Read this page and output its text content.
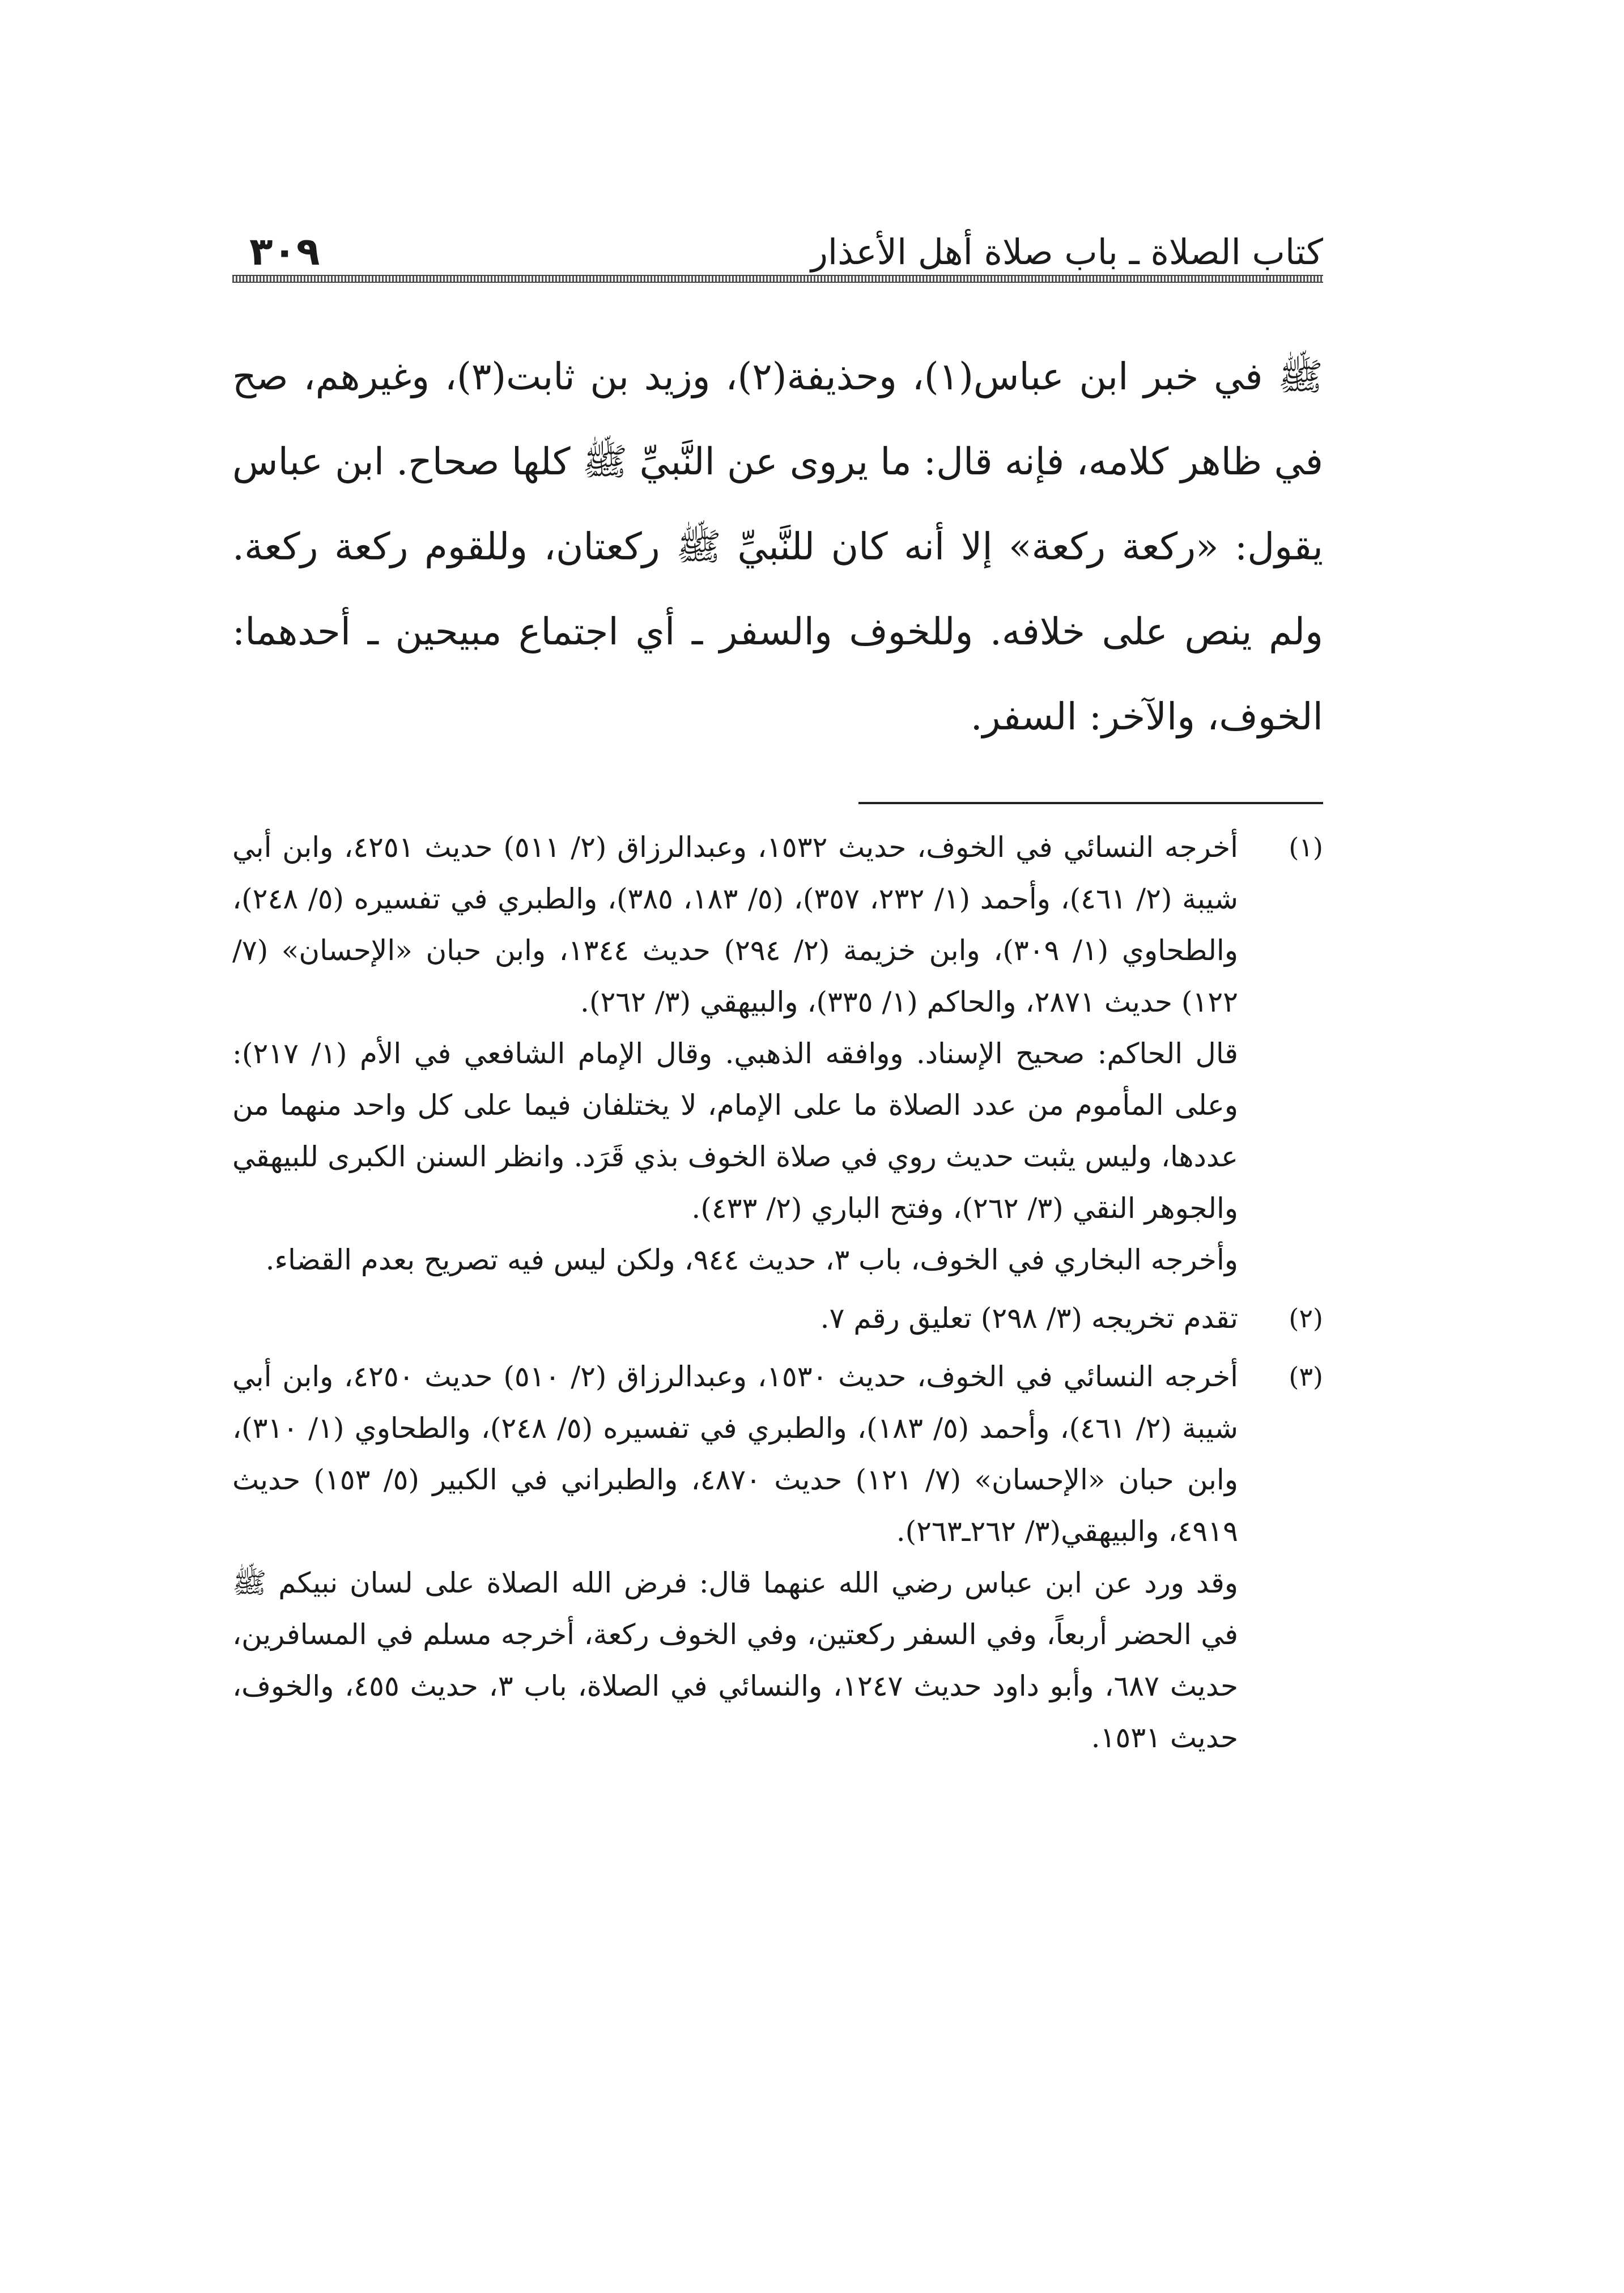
كتاب الصلاة ـ باب صلاة أهل الأعذار
٣٠٩

ﷺ في خبر ابن عباس(١)، وحذيفة(٢)، وزيد بن ثابت(٣)، وغيرهم، صح في ظاهر كلامه، فإنه قال: ما يروى عن النَّبيِّ ﷺ كلها صحاح. ابن عباس يقول: «ركعة ركعة» إلا أنه كان للنَّبيِّ ﷺ ركعتان، وللقوم ركعة ركعة. ولم ينص على خلافه. وللخوف والسفر ـ أي اجتماع مبيحين ـ أحدهما: الخوف، والآخر: السفر.

(١)

أخرجه النسائي في الخوف، حديث ١٥٣٢، وعبدالرزاق (٢/ ٥١١) حديث ٤٢٥١، وابن أبي شيبة (٢/ ٤٦١)، وأحمد (١/ ٢٣٢، ٣٥٧)، (٥/ ١٨٣، ٣٨٥)، والطبري في تفسيره (٥/ ٢٤٨)، والطحاوي (١/ ٣٠٩)، وابن خزيمة (٢/ ٢٩٤) حديث ١٣٤٤، وابن حبان «الإحسان» (٧/ ١٢٢) حديث ٢٨٧١، والحاكم (١/ ٣٣٥)، والبيهقي (٣/ ٢٦٢).

قال الحاكم: صحيح الإسناد. ووافقه الذهبي. وقال الإمام الشافعي في الأم (١/ ٢١٧): وعلى المأموم من عدد الصلاة ما على الإمام، لا يختلفان فيما على كل واحد منهما من عددها، وليس يثبت حديث روي في صلاة الخوف بذي قَرَد. وانظر السنن الكبرى للبيهقي والجوهر النقي (٣/ ٢٦٢)، وفتح الباري (٢/ ٤٣٣).

وأخرجه البخاري في الخوف، باب ٣، حديث ٩٤٤، ولكن ليس فيه تصريح بعدم القضاء.

(٢)

تقدم تخريجه (٣/ ٢٩٨) تعليق رقم ٧.

(٣)

أخرجه النسائي في الخوف، حديث ١٥٣٠، وعبدالرزاق (٢/ ٥١٠) حديث ٤٢٥٠، وابن أبي شيبة (٢/ ٤٦١)، وأحمد (٥/ ١٨٣)، والطبري في تفسيره (٥/ ٢٤٨)، والطحاوي (١/ ٣١٠)، وابن حبان «الإحسان» (٧/ ١٢١) حديث ٤٨٧٠، والطبراني في الكبير (٥/ ١٥٣) حديث ٤٩١٩، والبيهقي(٣/ ٢٦٢ـ٢٦٣).

وقد ورد عن ابن عباس رضي الله عنهما قال: فرض الله الصلاة على لسان نبيكم ﷺ في الحضر أربعاً، وفي السفر ركعتين، وفي الخوف ركعة، أخرجه مسلم في المسافرين، حديث ٦٨٧، وأبو داود حديث ١٢٤٧، والنسائي في الصلاة، باب ٣، حديث ٤٥٥، والخوف، حديث ١٥٣١.
